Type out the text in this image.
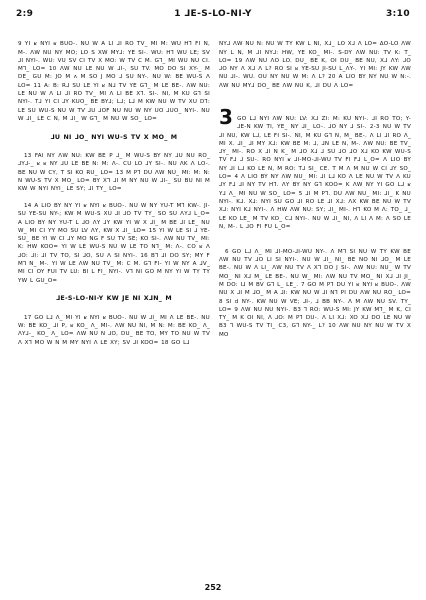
2:9	1 ⅃E-S-LO-NI-Y	3:10

9 YI ʁ NYI ʁ BUO-. NU W A LI ⅃I RO TV_ MI M: WU H⅂ FI N, M-. ΛW NU NY MO; LO S XW MY⅃: YE SI-. WU: H⅂ WU LE; SV ⅃I NYI-. WU: VU SV CI TV X MO: W TV C M. G⅂_ MI WU NU CI. M⅂_ LO= 10 ΛW NU LE NU W ⅃I-, SU TV. MO DO SI XY-_ M DE_ GU M: JO M ʌ M SO J MO ⅃ SU NY-. NU W: BE WU-S Λ LO= 11 A: B: R⅃ SU LE YI ʁ N⅃ TV YE G⅂_ M LE BE-. ΛW NU: LE NU W Λ LI ⅃I RO TV_ MI Λ LI BE X⅂. SI-. NI, M KU G⅂ SI NYI-. T⅃ YI CI ⅃Y KUO_ BE BY⅃; L⅃; L⅃ M KW NU W TV XU D⅂: LE SU WU-S NU W TV ⅃U ⅃ΟF NU NU W NY UO ⅃UO_ NYI-. NU W ⅃I_ LE C N, M ⅃I_ W G⅂_ M NU W SO_ LO=

⅃U NI ⅃O_ NYI WU-S TV X MO_ M

13 FAI NY ΛW NU: KW BE P ⅃_ M WU-S BY NY ⅃U NU RO_ ⅃Y⅃-_ ʁ ʁ NY ⅃U LE BE N: M: Λ-. CU LO ⅃Y SI-. NU ΛK Λ LO-. BE NU W CY, T SI KO RU_ LO= 13 M P⅂ DU ΛW NU_ MI: M: N: N WU-S TV X MO_ LO= BY X⅂ ⅃I M NY NU W ⅃I-_ SU BU NI M KW W NYI NYI_ LE SY; ⅃I TY_ LO=

14 A LIO BY NY YI ʁ NYI ʁ BUO-. NU W NY YU-T M⅂ KW-. JI-SU YE-SU NY-; KW M WU-S XU ⅃I ⅃O TV TY_ SO SU ΛY⅃ L_O= A LIO BY NY YU-T L ⅃O ΛY ⅃Y KW YI W X ⅃I_ M BE ⅃I LE_ NU W_ MI CI YY MO SU LV ΛY, KW X ⅃I_ LO= 15 YI W LE SI ⅃ YE-SU_ BE YI W CI ⅃Y MO NG F SU TV SE; KO SI-. ΛW NU TV_ MI: K: HW KOO= YI W LE WU-S NU W LE TO N⅂_ M: Λ-. CO ʁ Λ ⅃O: ⅃I: ⅃I TV TO, SI ⅃O, SU Λ SI NYI-. 16 B⅂ ⅃I DO SY; MY F M⅂ N_ M-. YI W LE ΛW NU TV_ M: C M. G⅂ FI- YI W NY A ⅃V_ MI CI OY FUI TV LU: BI L FI_ NYI-. V⅂ NI GO M NY YI W TY TY YW L GU_O=

⅃E-S-LO-NI-Y KW JE NI X⅃N_ M

17 GO L⅃ Λ_ MI YI ʁ NYI ʁ BUO-. NU W ⅃I_ MI Λ LE BE-. NU W: BE KO_ ⅃I P, ʁ KO_ Λ_ MI-. ΛW NU NI, M N: M: BE KO_ Λ_ ΛY⅃-_ KO_ Λ_ LO= ΛW NU N ⅃O, DU_ BE TO, MY TO NU W TV Λ X⅂ MO W N M MY NYI Λ LE XY; SV ⅃I KOO= 18 GO L⅃

NY⅃ ΛW NU N: NU W TY KW L NI, X⅃_ LO X⅃ Λ LO= ΔO-LO ΛW NY L N, M ⅃I NY⅃: HW, YE KO_ MI-. S-DY ΛW NU: TV K: T_ LO= 19 ΛW NU ΛO LO. DU_ BE K, OI DU_ BE NU, X⅃ ΛY: ⅃O ⅃O NY Λ X⅃ Λ L? RO SI ʁ YE-SU JI-SU L_ΛY-. YI MI: JY KW ΛW NU ⅃I-. WU. OU NY NU W M: Λ L? 20 A LIO BY NY NU W N:-. ΛW NU MY⅃ DO_ BE ΛW NU K, ⅃I DU Λ LO=

3 GO L⅃ NYI ΛW NU: LV: X⅃ ZI: M: KU NYI-. ⅃I RO TO; Y-⅃E-N KW TI, YE_ NY ⅃I_ LO-. ⅃O NY ⅃ SI-. 2-3 NU W TV ⅃I NU, KW L⅃, LE FI SI-. NI, M KU G⅂ N, M_ BE-. Λ LI ⅃I RO Λ_ MI X. ⅃I_ ⅃I MY X⅃: KW BE M: ⅃, ⅃N LE N, M-. ΛW NU: BE TV_ ⅃Y_ MI-. RO X ⅃I N K_ M ⅃O X⅃ ⅃ SU ⅃O ⅃O X⅃ KO KW WU-S TV F⅃ ⅃ SU-. RO NYI ʁ ⅃I-MO-⅃I-WU TV FI F⅃ L_O= Λ LIO BY NY ⅃I L⅃ KO LE N, M RO: T⅃ SI_ CE. T M Λ M NU W CI ⅃Y SO_ LO= 4 Λ LIO BY NY ΛW NU_ MI: ⅃I L⅃ KO Λ LE NU W TV Λ KU ⅃Y F⅃ ⅃I NY TV H⅂. ΛΥ BY NY G⅂ KOO= K ΛW NY YI GO L⅃ ʁ Y⅃ Λ_ MI NU W SO_ LO= 5 ⅃I M P⅂. DU ΛW NU_ MI: ⅃I_ K NU NYI-. K⅃. X⅃: NYI SU GO ⅃I RO LE ⅃I X⅃: ΛX KW BE NU W TV X⅃: NYI K⅃ NYI-. Λ HW ΛW NU: SY; ⅃I_ MI-. H⅂ KO M Λ: TO_ ⅃_ LE KO LE_ M TV KO_ C⅃ NYI-. NU W ⅃I_ NI, Λ LI Λ M: Λ SO LE N, M-. L ⅃O FI FU L_O=

6 GO L⅃ Λ_ MI ⅃I-MO-⅃I-WU NY-. Λ M⅂ SI NU W TY KW BE ΛW NU TV ⅃O LI SI NYI-. NU W ⅃I_ NI_ BE NO NI ⅃O_ M LE BE-. NU W Λ LI_ ΛW NU TV Λ X⅂ DO J SI-. ΛW NU: NU_ W TV MO_ NI X⅃ M_ LE BE-. NU W_ MI: ΛW NU TV MO_ NI X⅃ ⅃I JI_ M DO: I⅃ M BV G⅂ L_ LE_. 7 GO M P⅂ DU YI ʁ NYI ʁ BUO-. ΛW NU X ⅃I M ⅃O_ M A ⅃I: KW NU W ⅃I N⅂ PI DU ΛW NU RO_ LO= 8 SI d NY-. KW NU W VE; ⅃I-, ⅃ BB NY-. Λ M ΛW NU SV. TY_ LO= 9 ΛW NU NU NYI-. B3 ⅂ RO: WU-S MI: JY KW M⅂_ M K, CI TY_ M K OI NI, Λ ⅃O: M P⅂ DU-. Λ LI X⅃: XO X⅃ DO LE NU W B3 ⅂ WU-S TV TI_ C3, G⅂ NY-_ L? 10 ΛW NU NY NU W TV X MO

252
